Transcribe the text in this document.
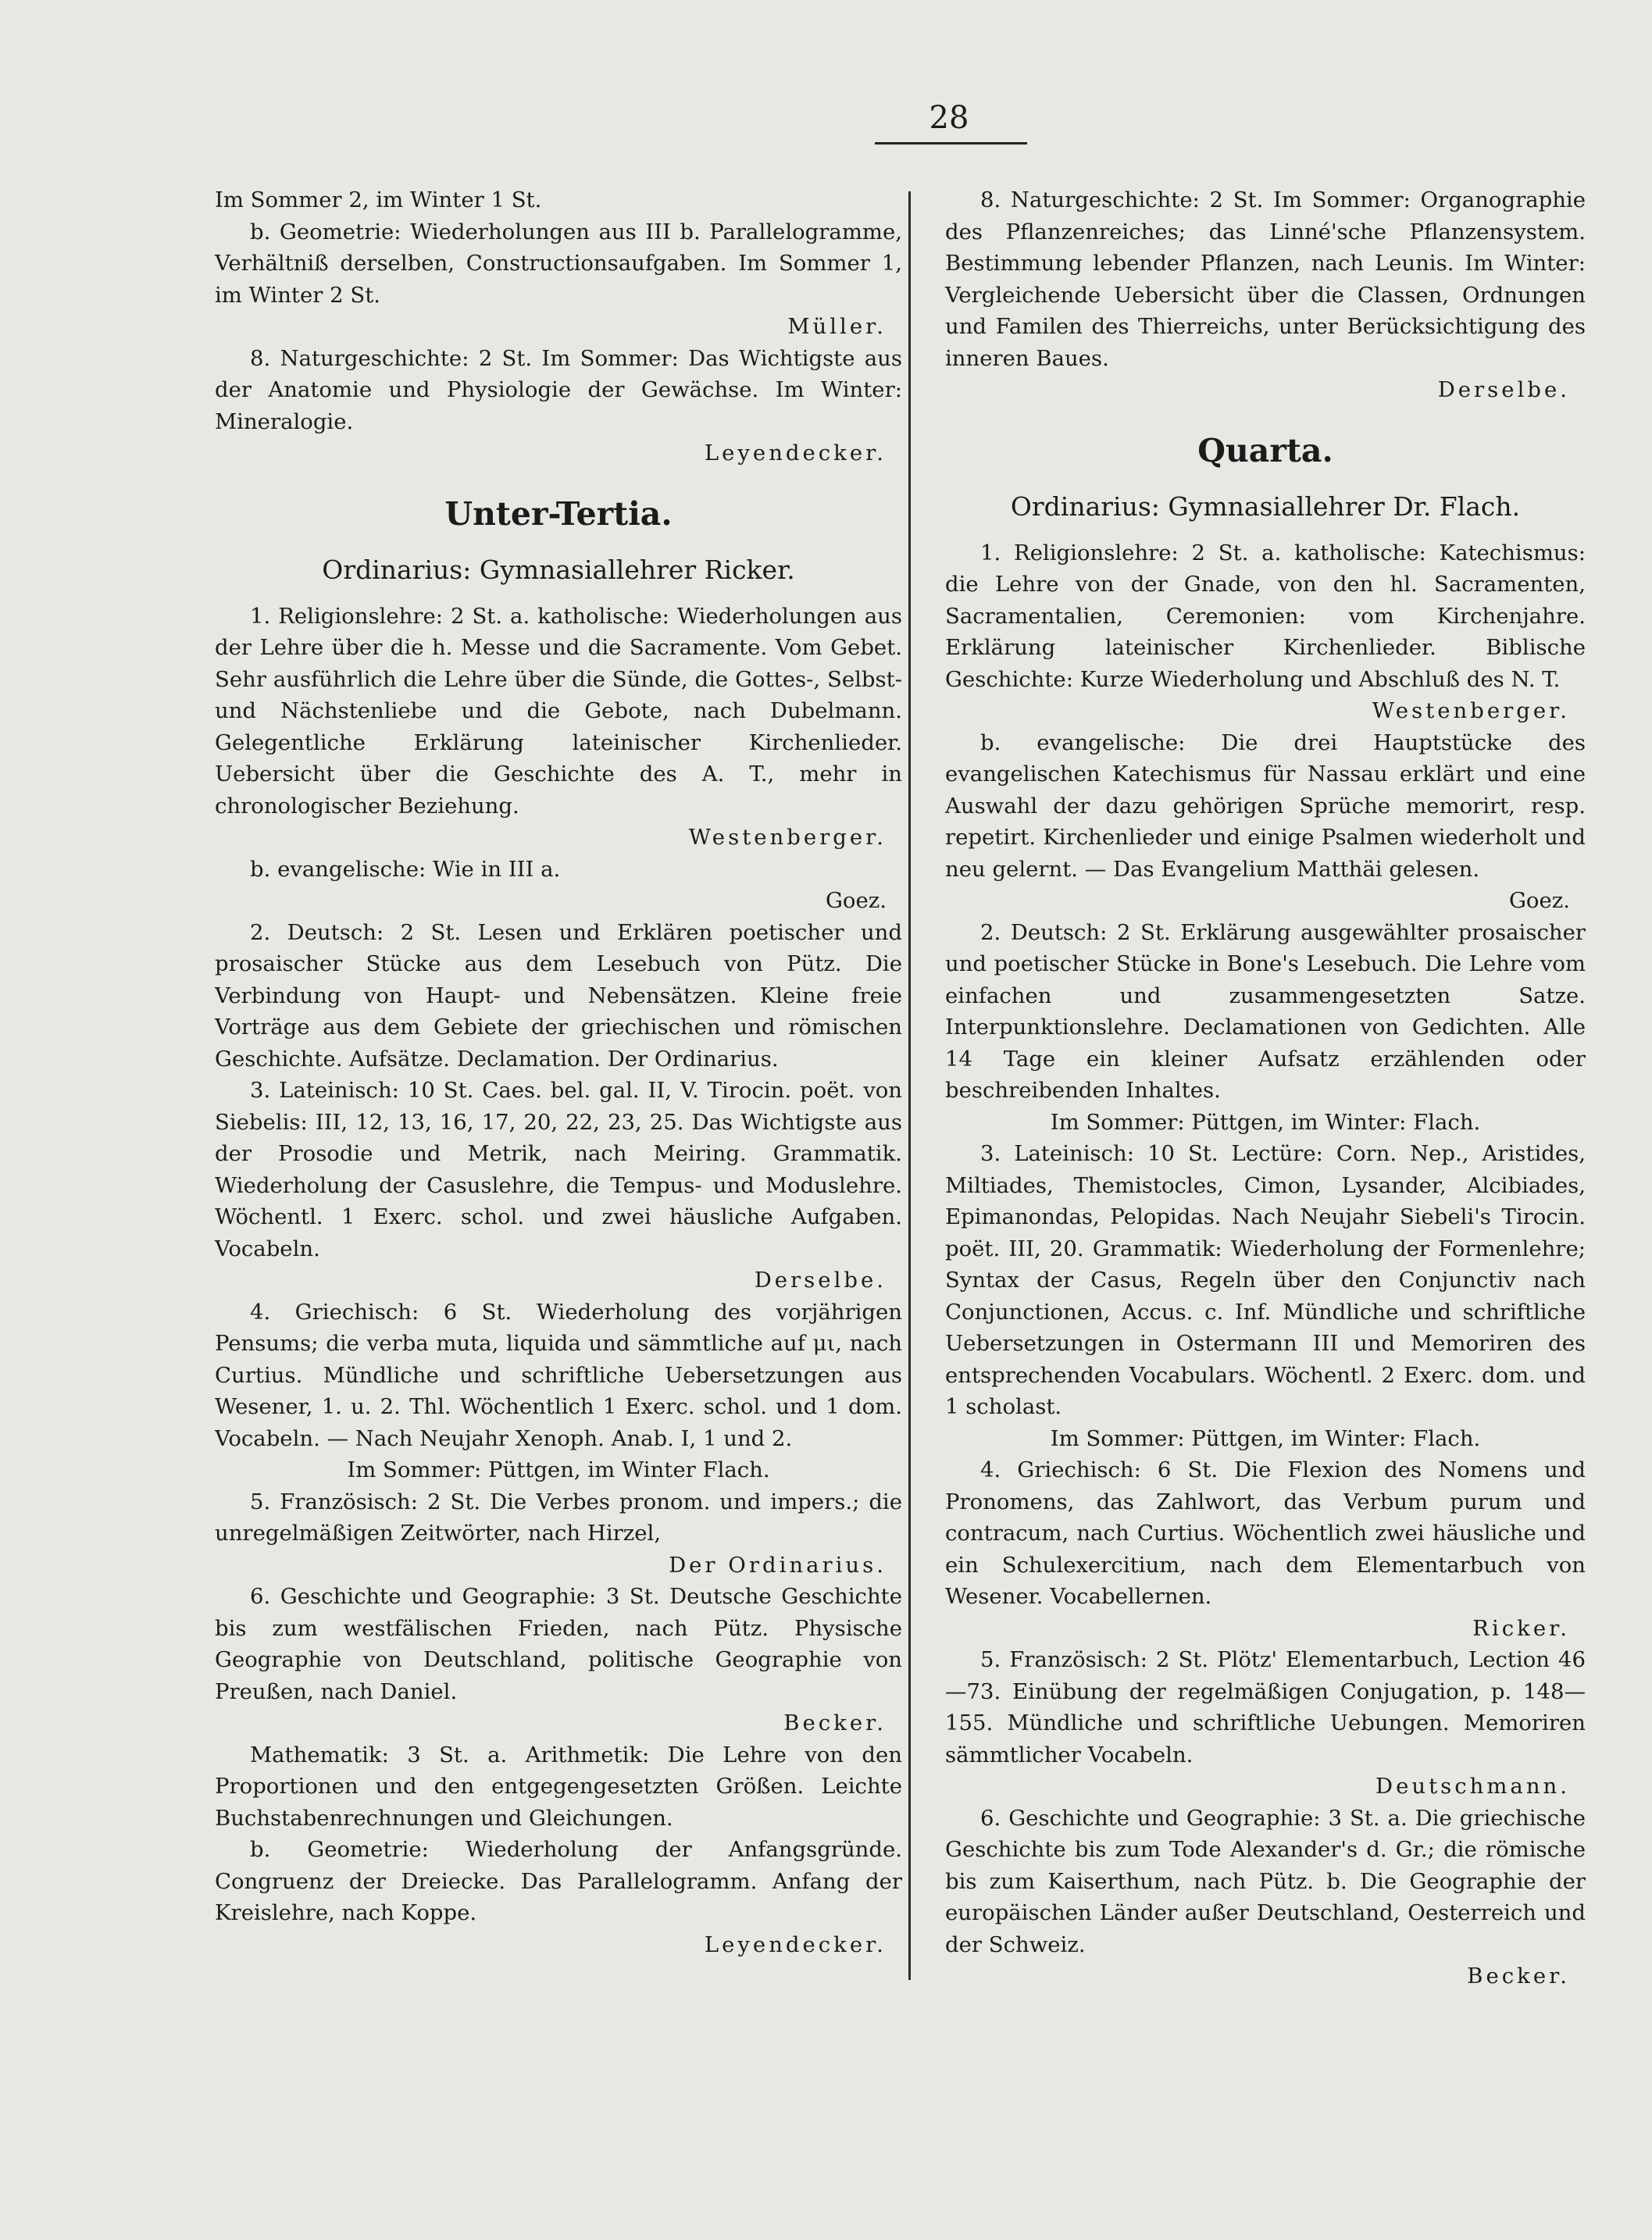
28

Im Sommer 2, im Winter 1 St.

b. Geometrie: Wiederholungen aus III b. Parallelogramme, Verhältniß derselben, Constructionsaufgaben. Im Sommer 1, im Winter 2 St.

Müller.

8. Naturgeschichte: 2 St. Im Sommer: Das Wichtigste aus der Anatomie und Physiologie der Gewächse. Im Winter: Mineralogie.

Leyendecker.

Unter-Tertia.
Ordinarius: Gymnasiallehrer Ricker.

1. Religionslehre: 2 St. a. katholische: Wiederholungen aus der Lehre über die h. Messe und die Sacramente. Vom Gebet. Sehr ausführlich die Lehre über die Sünde, die Gottes-, Selbst- und Nächstenliebe und die Gebote, nach Dubelmann. Gelegentliche Erklärung lateinischer Kirchenlieder. Uebersicht über die Geschichte des A. T., mehr in chronologischer Beziehung.

Westenberger.

b. evangelische: Wie in III a.

Goez.

2. Deutsch: 2 St. Lesen und Erklären poetischer und prosaischer Stücke aus dem Lesebuch von Pütz. Die Verbindung von Haupt- und Nebensätzen. Kleine freie Vorträge aus dem Gebiete der griechischen und römischen Geschichte. Aufsätze. Declamation. Der Ordinarius.

3. Lateinisch: 10 St. Caes. bel. gal. II, V. Tirocin. poët. von Siebelis: III, 12, 13, 16, 17, 20, 22, 23, 25. Das Wichtigste aus der Prosodie und Metrik, nach Meiring. Grammatik. Wiederholung der Casuslehre, die Tempus- und Moduslehre. Wöchentl. 1 Exerc. schol. und zwei häusliche Aufgaben. Vocabeln.

Derselbe.

4. Griechisch: 6 St. Wiederholung des vorjährigen Pensums; die verba muta, liquida und sämmtliche auf μι, nach Curtius. Mündliche und schriftliche Uebersetzungen aus Wesener, 1. u. 2. Thl. Wöchentlich 1 Exerc. schol. und 1 dom. Vocabeln. — Nach Neujahr Xenoph. Anab. I, 1 und 2.

Im Sommer: Püttgen, im Winter Flach.

5. Französisch: 2 St. Die Verbes pronom. und impers.; die unregelmäßigen Zeitwörter, nach Hirzel,

Der Ordinarius.

6. Geschichte und Geographie: 3 St. Deutsche Geschichte bis zum westfälischen Frieden, nach Pütz. Physische Geographie von Deutschland, politische Geographie von Preußen, nach Daniel.

Becker.

Mathematik: 3 St. a. Arithmetik: Die Lehre von den Proportionen und den entgegengesetzten Größen. Leichte Buchstabenrechnungen und Gleichungen.

b. Geometrie: Wiederholung der Anfangsgründe. Congruenz der Dreiecke. Das Parallelogramm. Anfang der Kreislehre, nach Koppe.

Leyendecker.

8. Naturgeschichte: 2 St. Im Sommer: Organographie des Pflanzenreiches; das Linné'sche Pflanzensystem. Bestimmung lebender Pflanzen, nach Leunis. Im Winter: Vergleichende Uebersicht über die Classen, Ordnungen und Familen des Thierreichs, unter Berücksichtigung des inneren Baues.

Derselbe.

Quarta.
Ordinarius: Gymnasiallehrer Dr. Flach.

1. Religionslehre: 2 St. a. katholische: Katechismus: die Lehre von der Gnade, von den hl. Sacramenten, Sacramentalien, Ceremonien: vom Kirchenjahre. Erklärung lateinischer Kirchenlieder. Biblische Geschichte: Kurze Wiederholung und Abschluß des N. T.

Westenberger.

b. evangelische: Die drei Hauptstücke des evangelischen Katechismus für Nassau erklärt und eine Auswahl der dazu gehörigen Sprüche memorirt, resp. repetirt. Kirchenlieder und einige Psalmen wiederholt und neu gelernt. — Das Evangelium Matthäi gelesen.

Goez.

2. Deutsch: 2 St. Erklärung ausgewählter prosaischer und poetischer Stücke in Bone's Lesebuch. Die Lehre vom einfachen und zusammengesetzten Satze. Interpunktionslehre. Declamationen von Gedichten. Alle 14 Tage ein kleiner Aufsatz erzählenden oder beschreibenden Inhaltes.

Im Sommer: Püttgen, im Winter: Flach.

3. Lateinisch: 10 St. Lectüre: Corn. Nep., Aristides, Miltiades, Themistocles, Cimon, Lysander, Alcibiades, Epimanondas, Pelopidas. Nach Neujahr Siebeli's Tirocin. poët. III, 20. Grammatik: Wiederholung der Formenlehre; Syntax der Casus, Regeln über den Conjunctiv nach Conjunctionen, Accus. c. Inf. Mündliche und schriftliche Uebersetzungen in Ostermann III und Memoriren des entsprechenden Vocabulars. Wöchentl. 2 Exerc. dom. und 1 scholast.

Im Sommer: Püttgen, im Winter: Flach.

4. Griechisch: 6 St. Die Flexion des Nomens und Pronomens, das Zahlwort, das Verbum purum und contracum, nach Curtius. Wöchentlich zwei häusliche und ein Schulexercitium, nach dem Elementarbuch von Wesener. Vocabellernen.

Ricker.

5. Französisch: 2 St. Plötz' Elementarbuch, Lection 46—73. Einübung der regelmäßigen Conjugation, p. 148—155. Mündliche und schriftliche Uebungen. Memoriren sämmtlicher Vocabeln.

Deutschmann.

6. Geschichte und Geographie: 3 St. a. Die griechische Geschichte bis zum Tode Alexander's d. Gr.; die römische bis zum Kaiserthum, nach Pütz. b. Die Geographie der europäischen Länder außer Deutschland, Oesterreich und der Schweiz.

Becker.
